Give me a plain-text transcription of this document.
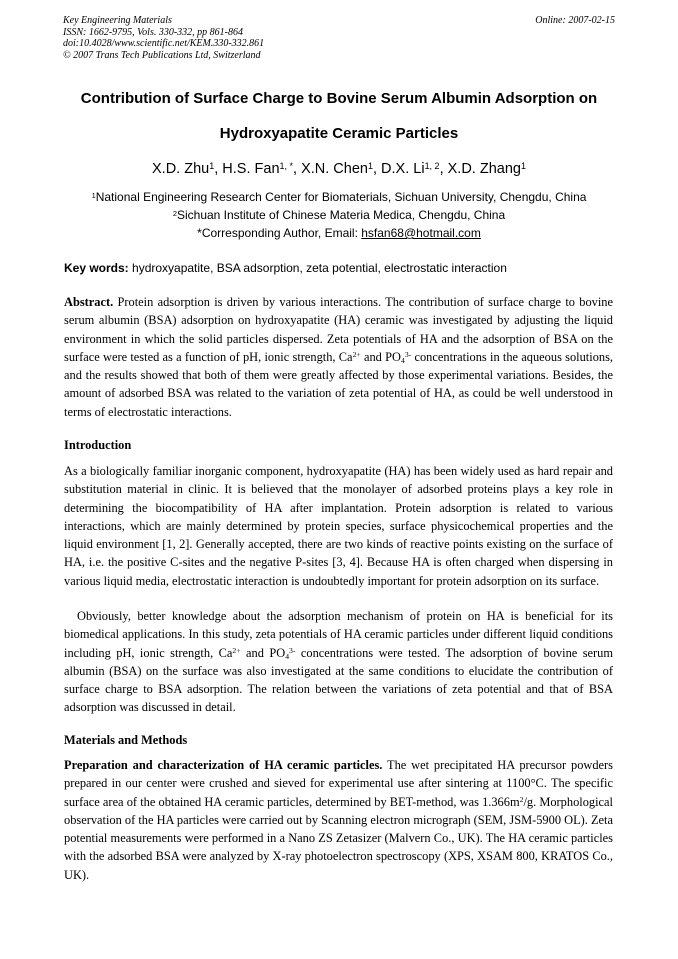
Key Engineering Materials
ISSN: 1662-9795, Vols. 330-332, pp 861-864
doi:10.4028/www.scientific.net/KEM.330-332.861
© 2007 Trans Tech Publications Ltd, Switzerland
Online: 2007-02-15
Contribution of Surface Charge to Bovine Serum Albumin Adsorption on
Hydroxyapatite Ceramic Particles
X.D. Zhu$^1$, H.S. Fan$^{1, *}$, X.N. Chen$^1$, D.X. Li$^{1, 2}$, X.D. Zhang$^1$
$^1$National Engineering Research Center for Biomaterials, Sichuan University, Chengdu, China
$^2$Sichuan Institute of Chinese Materia Medica, Chengdu, China
*Corresponding Author, Email: hsfan68@hotmail.com
Key words: hydroxyapatite, BSA adsorption, zeta potential, electrostatic interaction
Abstract. Protein adsorption is driven by various interactions. The contribution of surface charge to bovine serum albumin (BSA) adsorption on hydroxyapatite (HA) ceramic was investigated by adjusting the liquid environment in which the solid particles dispersed. Zeta potentials of HA and the adsorption of BSA on the surface were tested as a function of pH, ionic strength, $Ca^{2+}$ and $PO_4^{3-}$ concentrations in the aqueous solutions, and the results showed that both of them were greatly affected by those experimental variations. Besides, the amount of adsorbed BSA was related to the variation of zeta potential of HA, as could be well understood in terms of electrostatic interactions.
Introduction
As a biologically familiar inorganic component, hydroxyapatite (HA) has been widely used as hard repair and substitution material in clinic. It is believed that the monolayer of adsorbed proteins plays a key role in determining the biocompatibility of HA after implantation. Protein adsorption is related to various interactions, which are mainly determined by protein species, surface physicochemical properties and the liquid environment [1, 2]. Generally accepted, there are two kinds of reactive points existing on the surface of HA, i.e. the positive C-sites and the negative P-sites [3, 4]. Because HA is often charged when dispersing in various liquid media, electrostatic interaction is undoubtedly important for protein adsorption on its surface.
Obviously, better knowledge about the adsorption mechanism of protein on HA is beneficial for its biomedical applications. In this study, zeta potentials of HA ceramic particles under different liquid conditions including pH, ionic strength, $Ca^{2+}$ and $PO_4^{3-}$ concentrations were tested. The adsorption of bovine serum albumin (BSA) on the surface was also investigated at the same conditions to elucidate the contribution of surface charge to BSA adsorption. The relation between the variations of zeta potential and that of BSA adsorption was discussed in detail.
Materials and Methods
Preparation and characterization of HA ceramic particles. The wet precipitated HA precursor powders prepared in our center were crushed and sieved for experimental use after sintering at 1100°C. The specific surface area of the obtained HA ceramic particles, determined by BET-method, was $1.366m^2/g$. Morphological observation of the HA particles were carried out by Scanning electron micrograph (SEM, JSM-5900 OL). Zeta potential measurements were performed in a Nano ZS Zetasizer (Malvern Co., UK). The HA ceramic particles with the adsorbed BSA were analyzed by X-ray photoelectron spectroscopy (XPS, XSAM 800, KRATOS Co., UK).
